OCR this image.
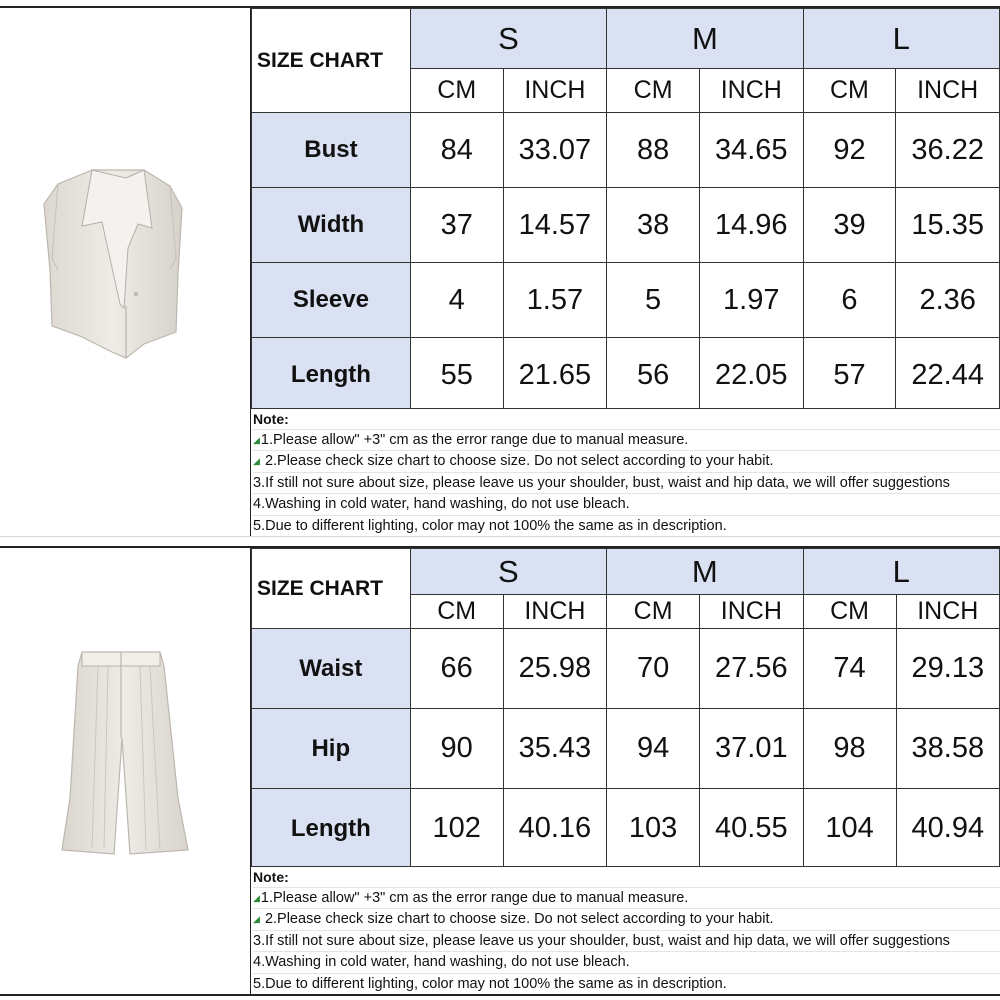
SIZE CHART	S		M		L	
	CM	INCH	CM	INCH	CM	INCH
Bust	84	33.07	88	34.65	92	36.22
Width	37	14.57	38	14.96	39	15.35
Sleeve	4	1.57	5	1.97	6	2.36
Length	55	21.65	56	22.05	57	22.44
Note:
◢1.Please allow" +3" cm as the error range due to manual measure.
◢ 2.Please check size chart to choose size. Do not select according to your habit.
3.If still not sure about size, please leave us your shoulder, bust, waist and hip data, we will offer suggestions
4.Washing in cold water, hand washing, do not use bleach.
5.Due to different lighting, color may not 100% the same as in description.
SIZE CHART	S		M		L	
	CM	INCH	CM	INCH	CM	INCH
Waist	66	25.98	70	27.56	74	29.13
Hip	90	35.43	94	37.01	98	38.58
Length	102	40.16	103	40.55	104	40.94
Note:
◢1.Please allow" +3" cm as the error range due to manual measure.
◢ 2.Please check size chart to choose size. Do not select according to your habit.
3.If still not sure about size, please leave us your shoulder, bust, waist and hip data, we will offer suggestions
4.Washing in cold water, hand washing, do not use bleach.
5.Due to different lighting, color may not 100% the same as in description.
